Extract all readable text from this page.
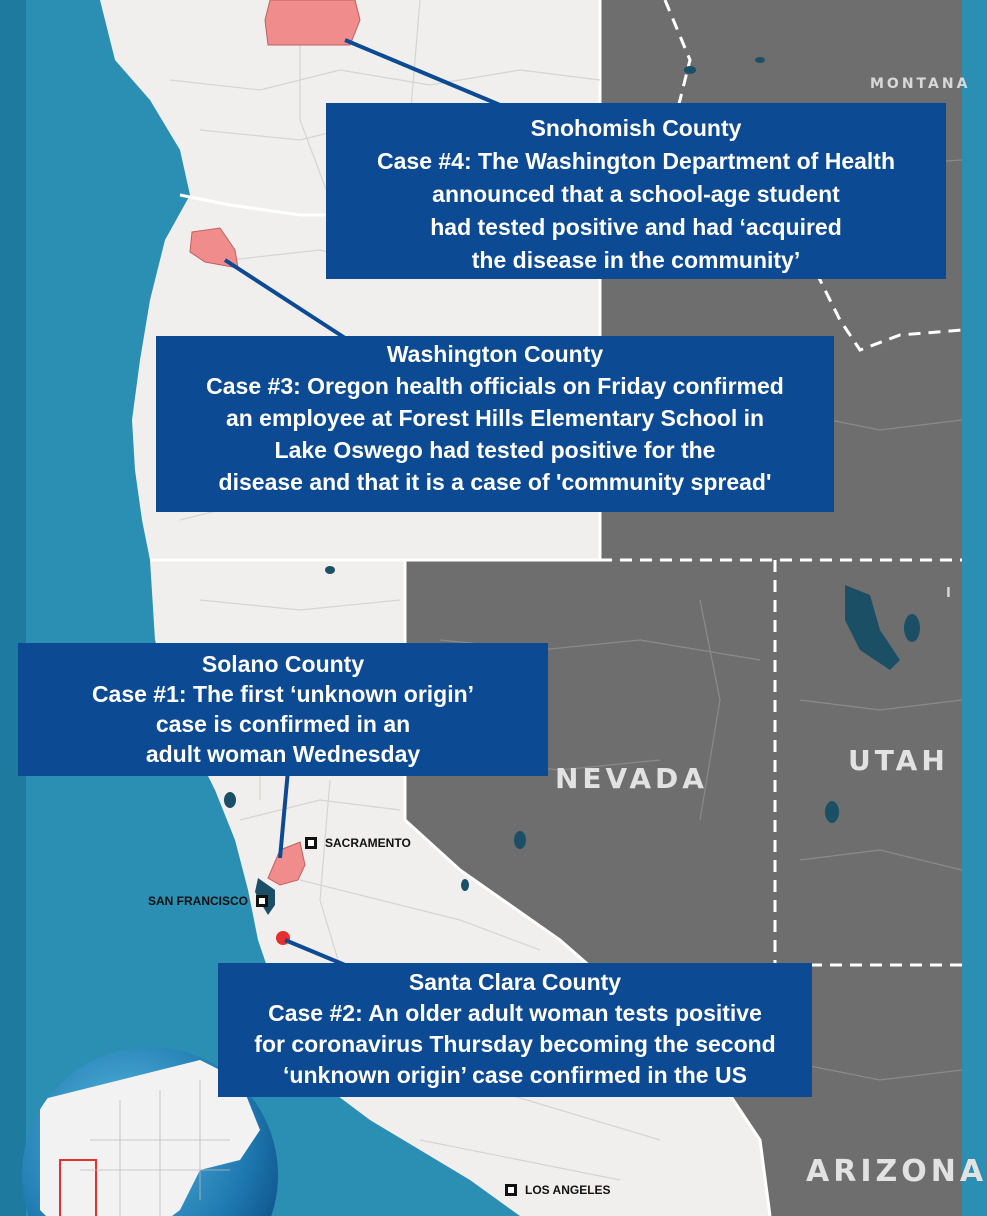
MONTANA
NEVADA
UTAH
ARIZONA
I
SACRAMENTO
SAN FRANCISCO
LOS ANGELES
Snohomish County
Case #4: The Washington Department of Health
announced that a school-age student
had tested positive and had ‘acquired
the disease in the community’
Washington County
Case #3: Oregon health officials on Friday confirmed
an employee at Forest Hills Elementary School in
Lake Oswego had tested positive for the
disease and that it is a case of 'community spread'
Solano County
Case #1: The first ‘unknown origin’
case is confirmed in an
adult woman Wednesday
Santa Clara County
Case #2: An older adult woman tests positive
for coronavirus Thursday becoming the second
‘unknown origin’ case confirmed in the US
